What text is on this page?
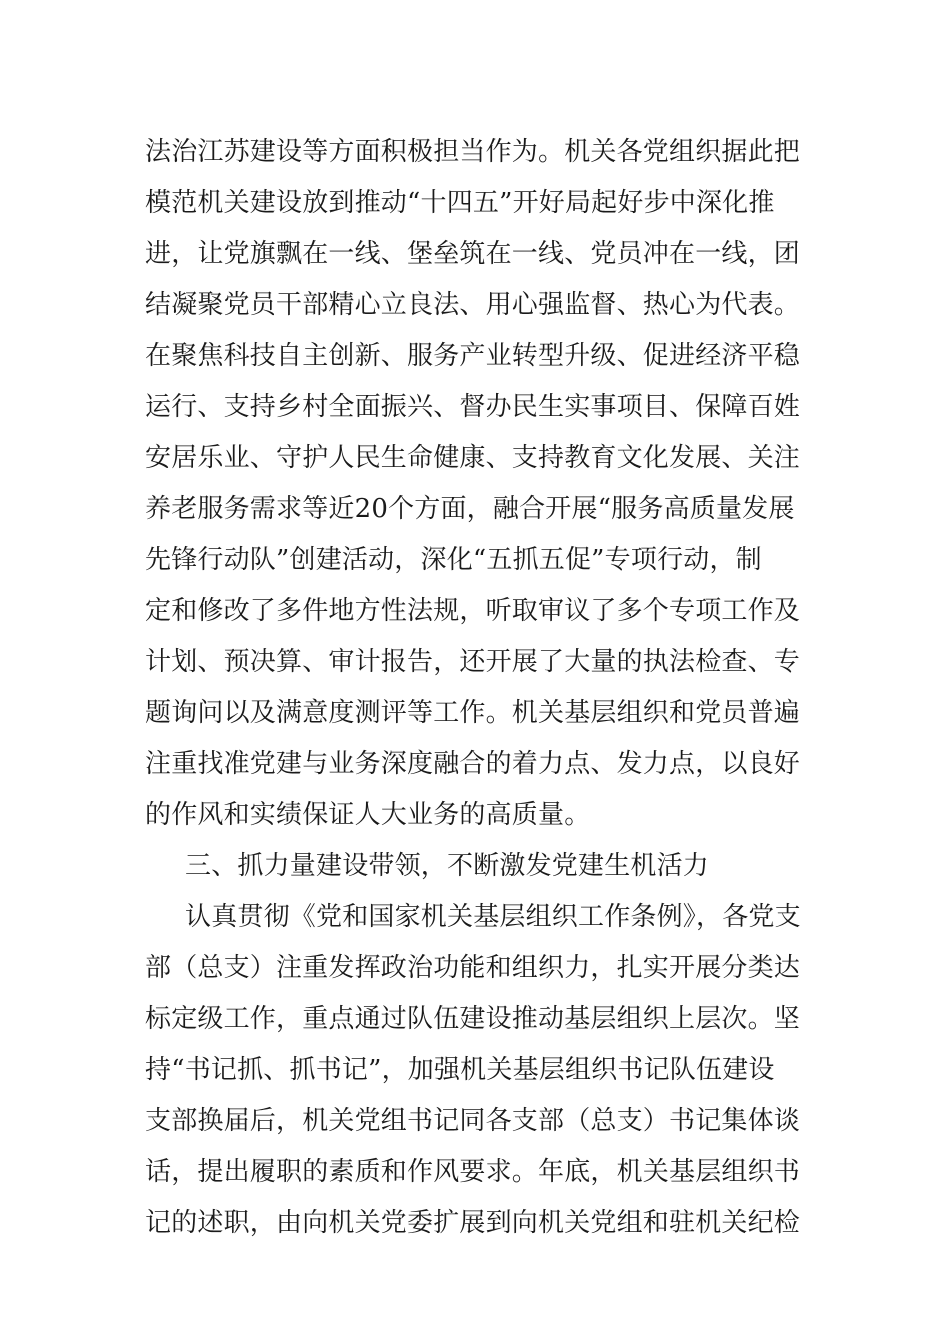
法治江苏建设等方面积极担当作为。机关各党组织据此把
模范机关建设放到推动“十四五”开好局起好步中深化推
进，让党旗飘在一线、堡垒筑在一线、党员冲在一线，团
结凝聚党员干部精心立良法、用心强监督、热心为代表。
在聚焦科技自主创新、服务产业转型升级、促进经济平稳
运行、支持乡村全面振兴、督办民生实事项目、保障百姓
安居乐业、守护人民生命健康、支持教育文化发展、关注
养老服务需求等近20个方面，融合开展“服务高质量发展
先锋行动队”创建活动，深化“五抓五促”专项行动，制
定和修改了多件地方性法规，听取审议了多个专项工作及
计划、预决算、审计报告，还开展了大量的执法检查、专
题询问以及满意度测评等工作。机关基层组织和党员普遍
注重找准党建与业务深度融合的着力点、发力点，以良好
的作风和实绩保证人大业务的高质量。
三、抓力量建设带领，不断激发党建生机活力
认真贯彻《党和国家机关基层组织工作条例》，各党支
部（总支）注重发挥政治功能和组织力，扎实开展分类达
标定级工作，重点通过队伍建设推动基层组织上层次。坚
持“书记抓、抓书记”，加强机关基层组织书记队伍建设
支部换届后，机关党组书记同各支部（总支）书记集体谈
话，提出履职的素质和作风要求。年底，机关基层组织书
记的述职，由向机关党委扩展到向机关党组和驻机关纪检
